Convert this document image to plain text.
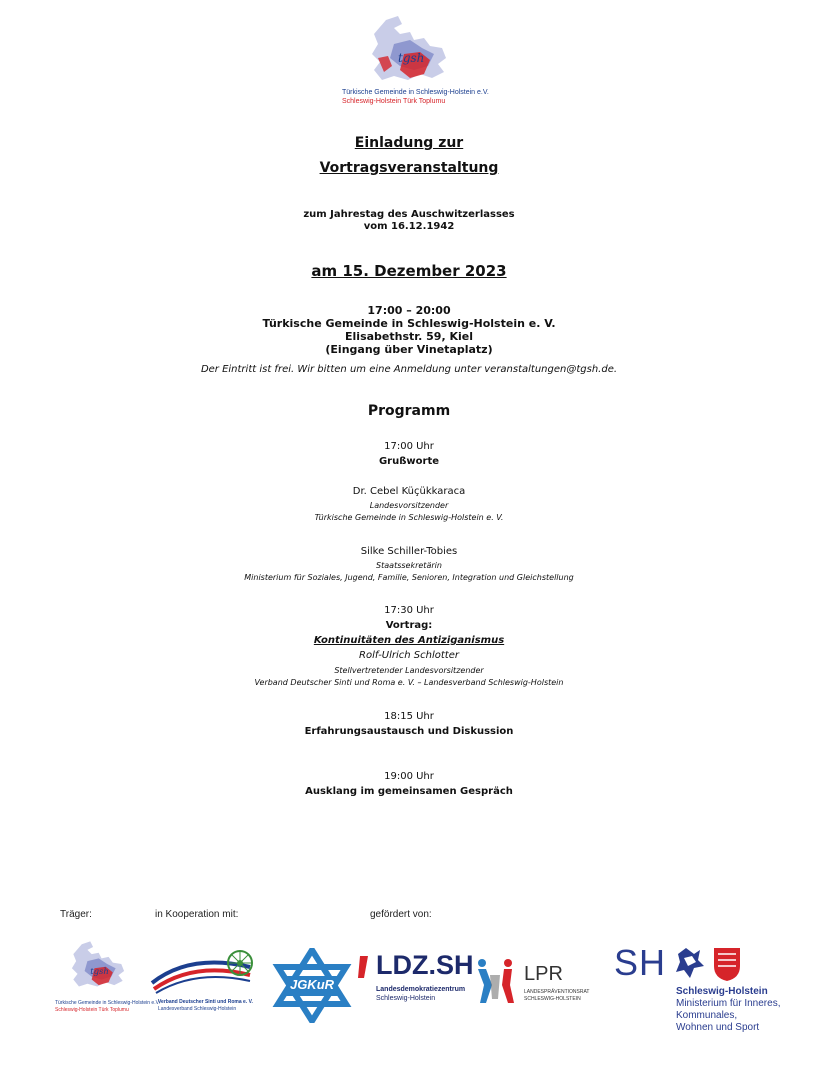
tgsh
Türkische Gemeinde in Schleswig-Holstein e.V.
Schleswig-Holstein Türk Toplumu
Einladung zur
Vortragsveranstaltung
zum Jahrestag des Auschwitzerlasses
vom 16.12.1942
am 15. Dezember 2023
17:00 – 20:00
Türkische Gemeinde in Schleswig-Holstein e. V.
Elisabethstr. 59, Kiel
(Eingang über Vinetaplatz)
Der Eintritt ist frei. Wir bitten um eine Anmeldung unter veranstaltungen@tgsh.de.
Programm
17:00 Uhr
Grußworte
Dr. Cebel Küçükkaraca
Landesvorsitzender
Türkische Gemeinde in Schleswig-Holstein e. V.
Silke Schiller-Tobies
Staatssekretärin
Ministerium für Soziales, Jugend, Familie, Senioren, Integration und Gleichstellung
17:30 Uhr
Vortrag:
Kontinuitäten des Antiziganismus
Rolf-Ulrich Schlotter
Stellvertretender Landesvorsitzender
Verband Deutscher Sinti und Roma e. V. – Landesverband Schleswig-Holstein
18:15 Uhr
Erfahrungsaustausch und Diskussion
19:00 Uhr
Ausklang im gemeinsamen Gespräch
Träger:	in Kooperation mit:	gefördert von:
tgsh
Türkische Gemeinde in Schleswig-Holstein e.V.
Schleswig-Holstein Türk Toplumu
Verband Deutscher Sinti und Roma e. V.
Landesverband Schleswig-Holstein
JGKuR
LDZ.SH
Landesdemokratiezentrum
Schleswig-Holstein
LPR
LANDESPRÄVENTIONSRAT
SCHLESWIG-HOLSTEIN
SH
Schleswig-Holstein
Ministerium für Inneres,
Kommunales,
Wohnen und Sport
